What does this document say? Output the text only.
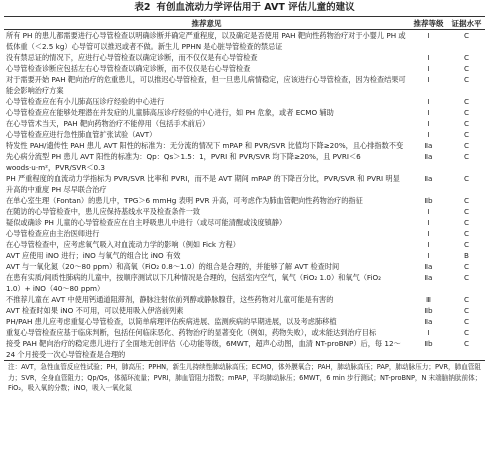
表2 有创血流动力学评估用于 AVT 评估儿童的建议
推荐意见	推荐等级	证据水平
所有 PH 的患儿都需要进行心导管检查以明确诊断并确定严重程度，以及确定是否使用 PAH 靶向性药物治疗对于小婴儿 PH 或低体重（＜2.5 kg）心导管可以推迟或者不做。新生儿 PPHN 是心脏导管检查的禁忌证	Ⅰ	C
没有禁忌证的情况下，应进行心导管检查以确定诊断，而不仅仅是有心导管检查	Ⅰ	C
心导管检查诊断应包括左右心导管检查以确定诊断，而不仅仅是右心导管检查	Ⅰ	C
对于需要开始 PAH 靶向治疗的危重患儿，可以推迟心导管检查，但一旦患儿病情稳定，应该进行心导管检查，因为检查结果可能会影响治疗方案	Ⅰ	C
心导管检查应在有小儿肺高压诊疗经验的中心进行	Ⅰ	C
心导管检查应在能够处理潜在并发症的儿童肺高压诊疗经验的中心进行，如 PH 危象，或者 ECMO 辅助	Ⅰ	C
在心导管术当天，PAH 靶向药物治疗不能停用（包括手术前后）	Ⅰ	C
心导管检查应进行急性肺血管扩张试验（AVT）	Ⅰ	C
特发性 PAH/遗传性 PAH 患儿 AVT 阳性的标准为：无分流的情况下 mPAP 和 PVR/SVR 比值均下降≥20%，且心排指数不变	Ⅱa	C
先心病分流型 PH 患儿 AVT 阳性的标准为：Qp：Qs＞1.5：1，PVRI 和 PVR/SVR 均下降≥20%，且 PVRI＜6 woods·u·m²，PVR/SVR＜0.3	Ⅱa	C
PH 严重程度的血流动力学指标为 PVR/SVR 比率和 PVRI，而不是 AVT 期间 mPAP 的下降百分比，PVR/SVR 和 PVRI 明显升高的中重度 PH 尽早联合治疗	Ⅱa	C
在单心室生理（Fontan）的患儿中，TPG＞6 mmHg 表明 PVR 升高，可考虑作为肺血管靶向性药物治疗的指征	Ⅱb	C
在随访的心导管检查中，患儿应保持基线水平及检查条件一致	Ⅰ	C
疑似或确诊 PH 儿童的心导管检查应在自主呼吸患儿中进行（或尽可能清醒或浅度镇静）	Ⅰ	C
心导管检查应由主治医师进行	Ⅰ	C
在心导管检查中，应考虑氧气吸入对血流动力学的影响（例如 Fick 方程）	Ⅰ	C
AVT 应使用 iNO 进行；iNO 与氧气的组合比 iNO 有效	Ⅰ	B
AVT 与一氧化氮（20～80 ppm）和高氧（FiO₂ 0.8～1.0）的组合是合理的，并能够了解 AVT 检查时间	Ⅱa	C
在患有实质/间质性肺病的儿童中，按顺序测试以下几种情况是合理的，包括室内空气，氧气（FiO₂ 1.0）和氧气（FiO₂ 1.0）+ iNO（40～80 ppm）	Ⅱa	C
不推荐儿童在 AVT 中使用钙通道阻滞剂，静脉注射依前列醇或静脉腺苷，这些药物对儿童可能是有害的	Ⅲ	C
AVT 检查时如果 iNO 不可用，可以使用吸入伊洛前列素	Ⅱb	C
PH/PAH 患儿应考虑重复心导管检查，以简单病理评估疾病进展、监测疾病的早期进展，以及考虑肺移植	Ⅱa	C
重复心导管检查应基于临床判断，包括任何临床恶化、药物治疗的显著变化（例如，药物失败），或未能达到治疗目标	Ⅰ	C
接受 PAH 靶向治疗的稳定患儿进行了全面地无创评估（心功能等级，6MWT，超声心动图，血清 NT-proBNP）后，每 12～24 个月接受一次心导管检查是合理的	Ⅱb	C
注：AVT，急性血管反应性试验；PH，肺高压；PPHN，新生儿持续性肺动脉高压；ECMO，体外膜氧合；PAH，肺动脉高压；PAP，肺动脉压力；PVR，肺血管阻力；SVR，全身血管阻力；Qp/Qs，体循环流量；PVRI，肺血管阻力指数；mPAP，平均肺动脉压；6MWT，6 min 步行测试；NT-proBNP，N 末端脑钠肽前体；FiO₂，吸入氧的分数；iNO，吸入一氧化氮
